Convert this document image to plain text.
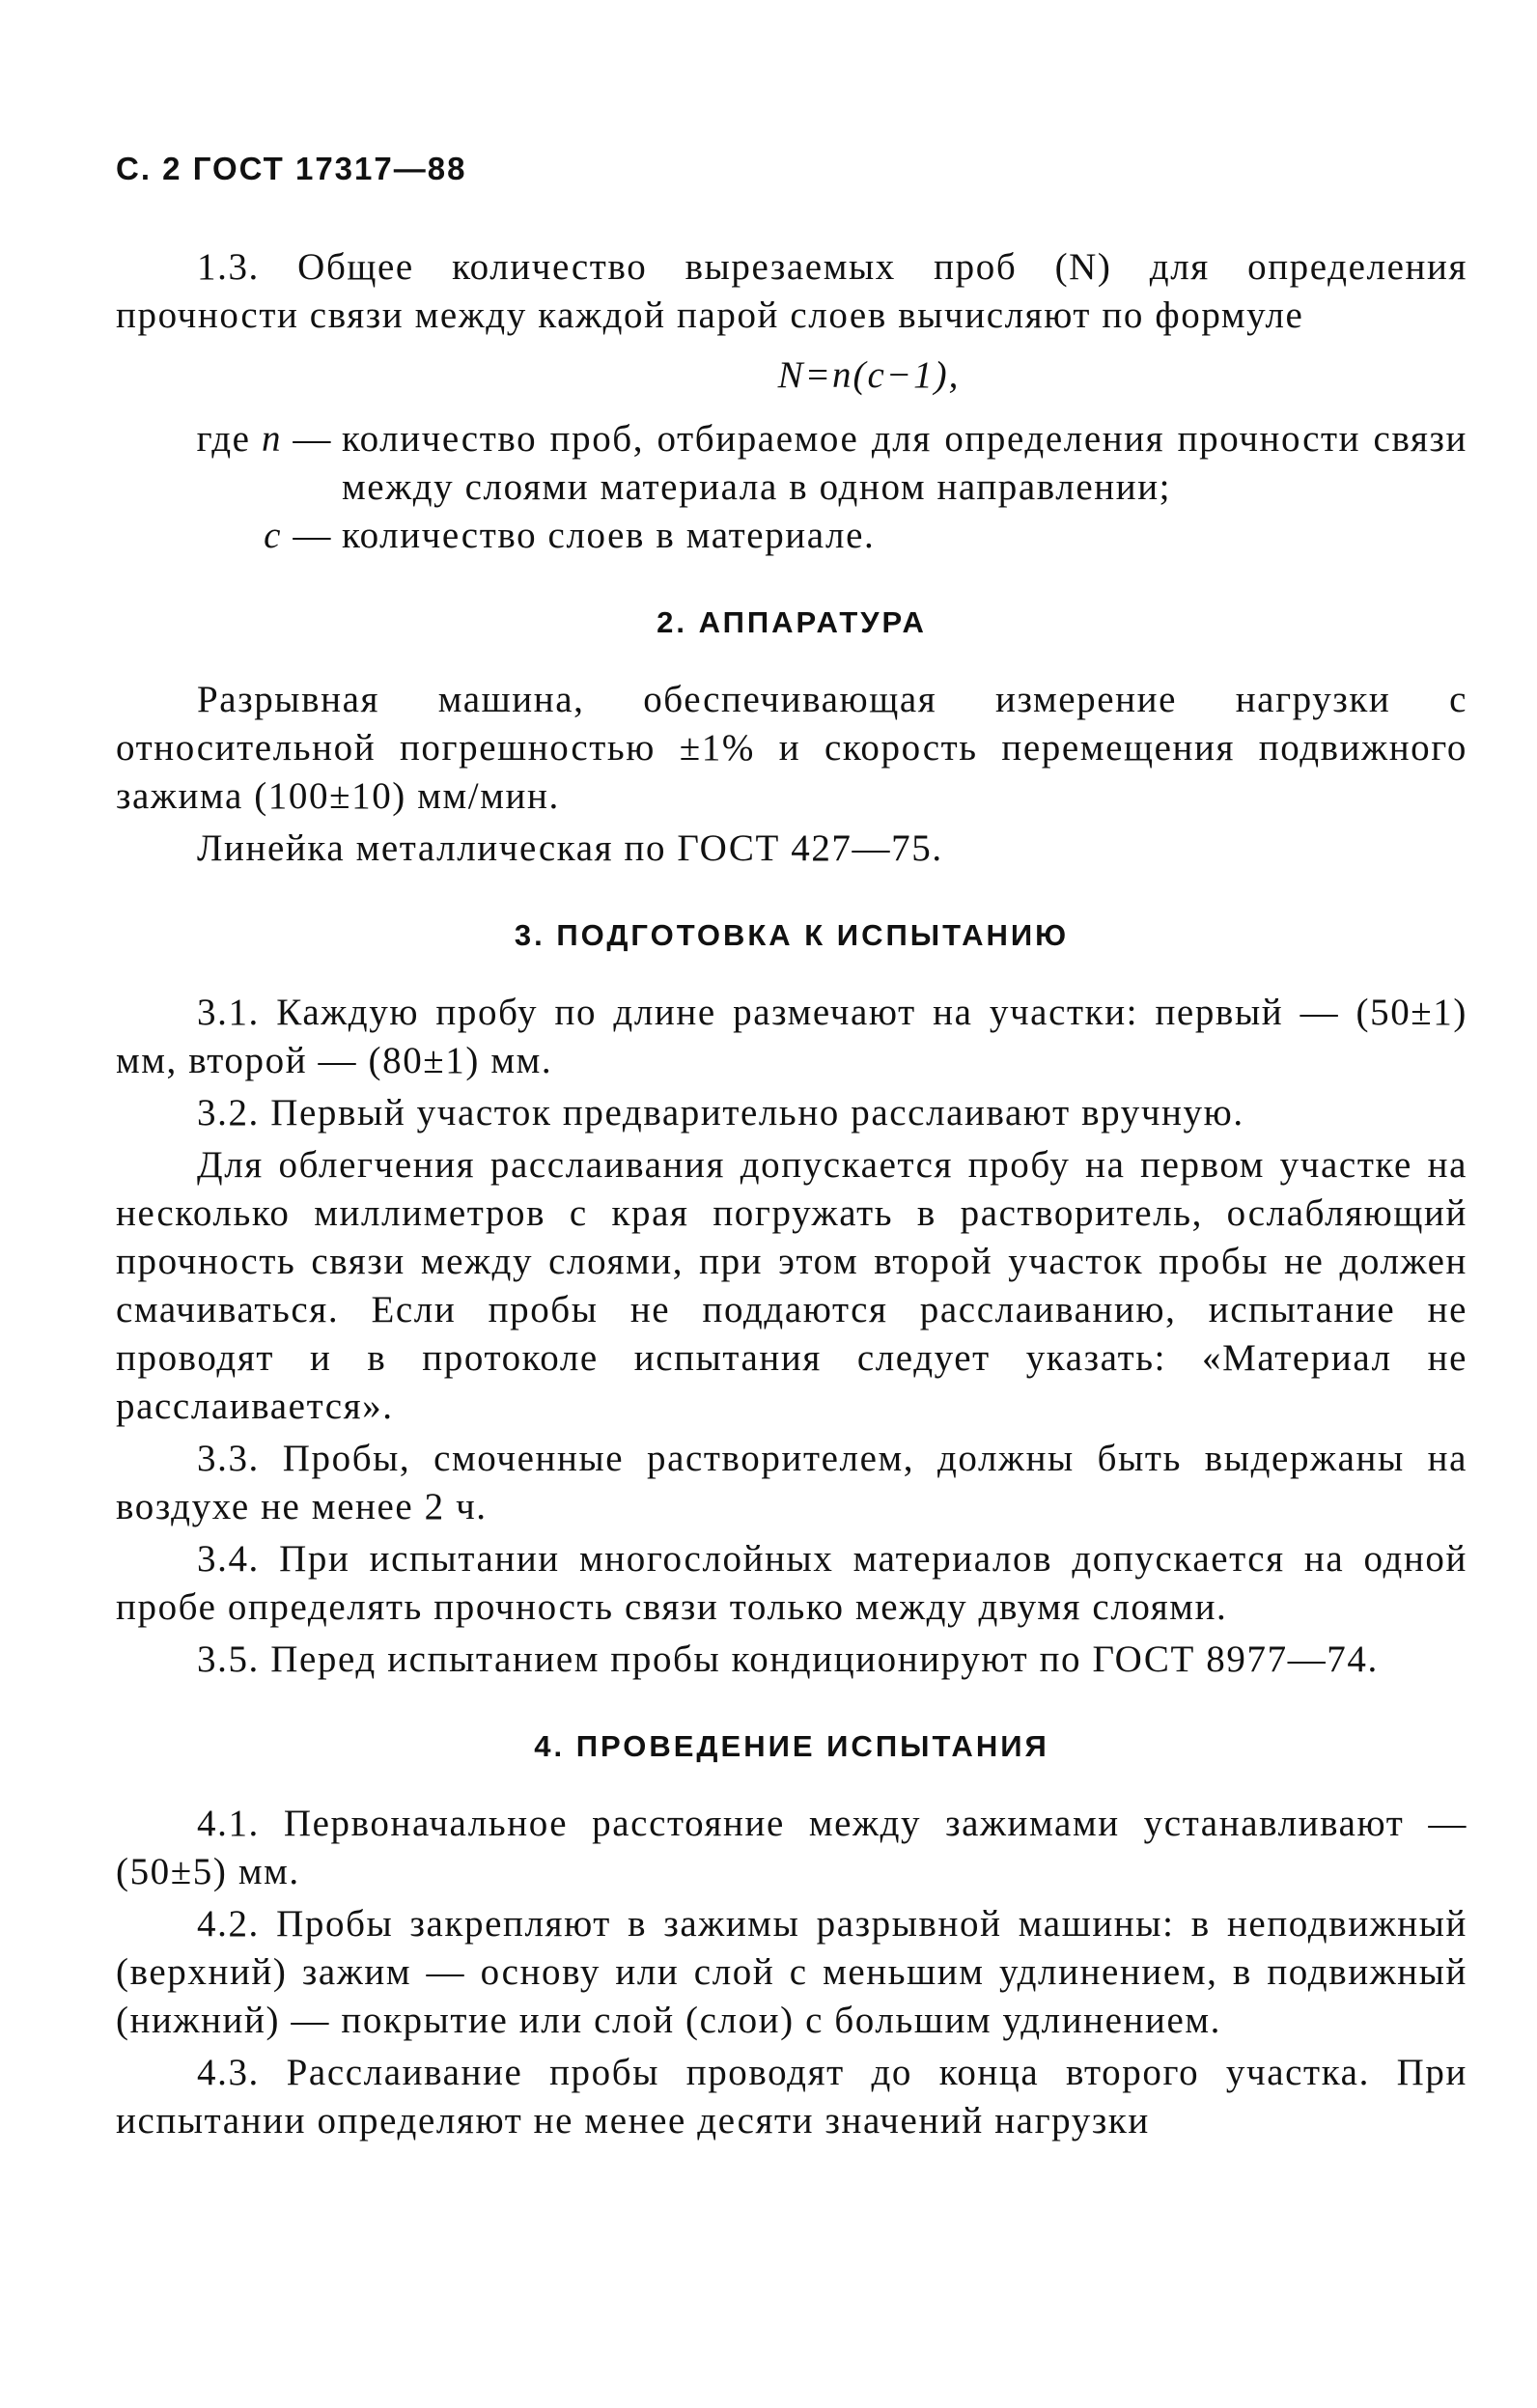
С. 2 ГОСТ 17317—88

1.3. Общее количество вырезаемых проб (N) для определения прочности связи между каждой парой слоев вычисляют по формуле

N=n(c−1),
где n — количество проб, отбираемое для определения прочности связи между слоями материала в одном направлении;
c — количество слоев в материале.
2. АППАРАТУРА

Разрывная машина, обеспечивающая измерение нагрузки с относительной погрешностью ±1% и скорость перемещения подвижного зажима (100±10) мм/мин.

Линейка металлическая по ГОСТ 427—75.

3. ПОДГОТОВКА К ИСПЫТАНИЮ

3.1. Каждую пробу по длине размечают на участки: первый — (50±1) мм, второй — (80±1) мм.

3.2. Первый участок предварительно расслаивают вручную.

Для облегчения расслаивания допускается пробу на первом участке на несколько миллиметров с края погружать в растворитель, ослабляющий прочность связи между слоями, при этом второй участок пробы не должен смачиваться. Если пробы не поддаются расслаиванию, испытание не проводят и в протоколе испытания следует указать: «Материал не расслаивается».

3.3. Пробы, смоченные растворителем, должны быть выдержаны на воздухе не менее 2 ч.

3.4. При испытании многослойных материалов допускается на одной пробе определять прочность связи только между двумя слоями.

3.5. Перед испытанием пробы кондиционируют по ГОСТ 8977—74.

4. ПРОВЕДЕНИЕ ИСПЫТАНИЯ

4.1. Первоначальное расстояние между зажимами устанавливают — (50±5) мм.

4.2. Пробы закрепляют в зажимы разрывной машины: в неподвижный (верхний) зажим — основу или слой с меньшим удлинением, в подвижный (нижний) — покрытие или слой (слои) с большим удлинением.

4.3. Расслаивание пробы проводят до конца второго участка. При испытании определяют не менее десяти значений нагрузки
